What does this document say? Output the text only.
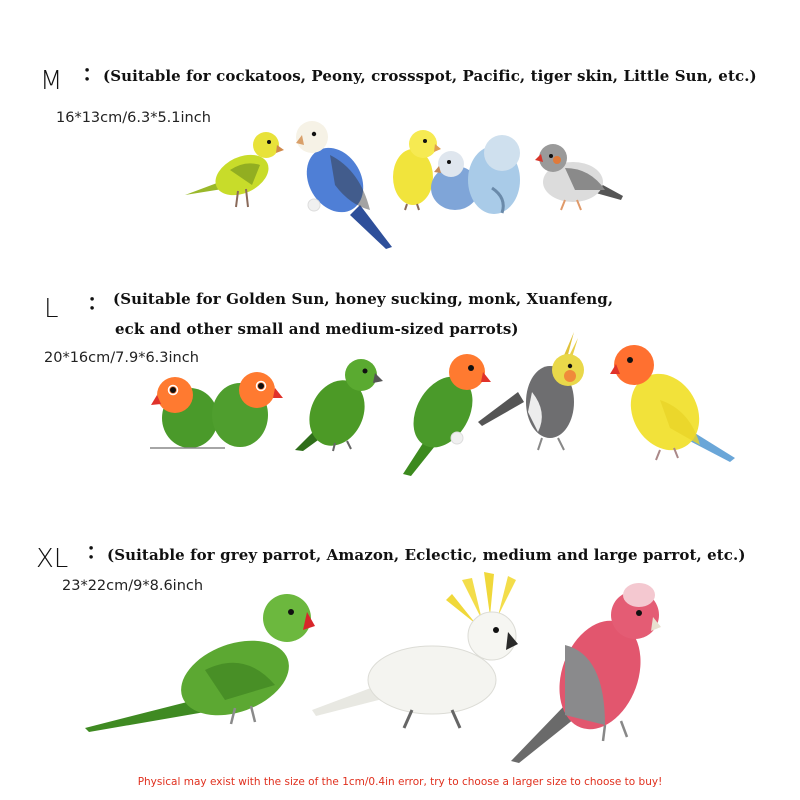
M ：
(Suitable for cockatoos, Peony, crossspot, Pacific, tiger skin, Little Sun, etc.)
16*13cm/6.3*5.1inch
L ： (Suitable for Golden Sun, honey sucking, monk, Xuanfeng,
eck and other small and medium-sized parrots)
20*16cm/7.9*6.3inch
XL ：
(Suitable for grey parrot, Amazon, Eclectic, medium and large parrot, etc.)
23*22cm/9*8.6inch
Physical may exist with the size of the 1cm/0.4in error, try to choose a larger size to choose to buy!
